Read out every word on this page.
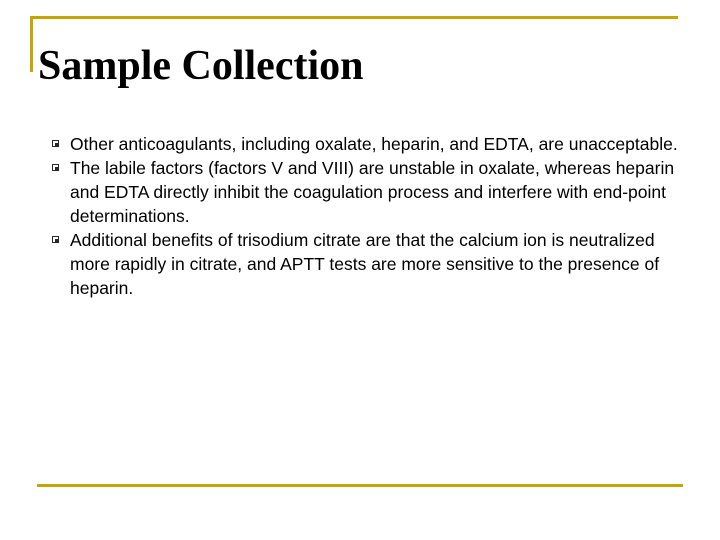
Sample Collection
Other anticoagulants, including oxalate, heparin, and EDTA, are unacceptable.
The labile factors (factors V and VIII) are unstable in oxalate, whereas heparin and EDTA directly inhibit the coagulation process and interfere with end-point determinations.
Additional benefits of trisodium citrate are that the calcium ion is neutralized more rapidly in citrate, and APTT tests are more sensitive to the presence of heparin.
